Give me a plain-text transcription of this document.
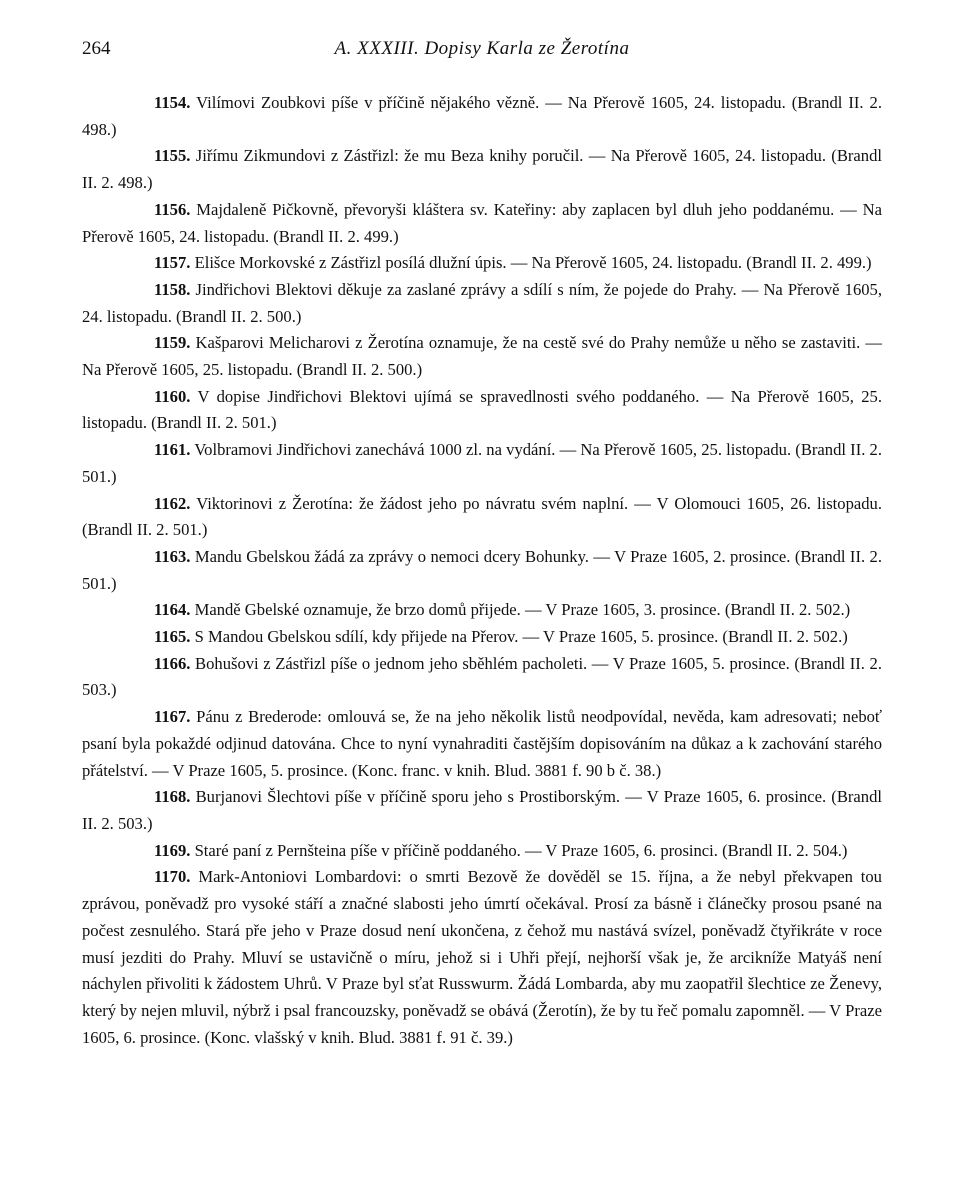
264	A. XXXIII. Dopisy Karla ze Žerotína

1154. Vilímovi Zoubkovi píše v příčině nějakého vězně. — Na Přerově 1605, 24. listopadu. (Brandl II. 2. 498.)

1155. Jiřímu Zikmundovi z Zástřizl: že mu Beza knihy poručil. — Na Přerově 1605, 24. listopadu. (Brandl II. 2. 498.)

1156. Majdaleně Pičkovně, převoryši kláštera sv. Kateřiny: aby zaplacen byl dluh jeho poddanému. — Na Přerově 1605, 24. listopadu. (Brandl II. 2. 499.)

1157. Elišce Morkovské z Zástřizl posílá dlužní úpis. — Na Přerově 1605, 24. listopadu. (Brandl II. 2. 499.)

1158. Jindřichovi Blektovi děkuje za zaslané zprávy a sdílí s ním, že pojede do Prahy. — Na Přerově 1605, 24. listopadu. (Brandl II. 2. 500.)

1159. Kašparovi Melicharovi z Žerotína oznamuje, že na cestě své do Prahy nemůže u něho se zastaviti. — Na Přerově 1605, 25. listopadu. (Brandl II. 2. 500.)

1160. V dopise Jindřichovi Blektovi ujímá se spravedlnosti svého poddaného. — Na Přerově 1605, 25. listopadu. (Brandl II. 2. 501.)

1161. Volbramovi Jindřichovi zanechává 1000 zl. na vydání. — Na Přerově 1605, 25. listopadu. (Brandl II. 2. 501.)

1162. Viktorinovi z Žerotína: že žádost jeho po návratu svém naplní. — V Olomouci 1605, 26. listopadu. (Brandl II. 2. 501.)

1163. Mandu Gbelskou žádá za zprávy o nemoci dcery Bohunky. — V Praze 1605, 2. prosince. (Brandl II. 2. 501.)

1164. Mandě Gbelské oznamuje, že brzo domů přijede. — V Praze 1605, 3. prosince. (Brandl II. 2. 502.)

1165. S Mandou Gbelskou sdílí, kdy přijede na Přerov. — V Praze 1605, 5. prosince. (Brandl II. 2. 502.)

1166. Bohušovi z Zástřizl píše o jednom jeho sběhlém pacholeti. — V Praze 1605, 5. prosince. (Brandl II. 2. 503.)

1167. Pánu z Brederode: omlouvá se, že na jeho několik listů neodpovídal, nevěda, kam adresovati; neboť psaní byla pokaždé odjinud datována. Chce to nyní vynahraditi častějším dopisováním na důkaz a k zachování starého přátelství. — V Praze 1605, 5. prosince. (Konc. franc. v knih. Blud. 3881 f. 90 b č. 38.)

1168. Burjanovi Šlechtovi píše v příčině sporu jeho s Prostiborským. — V Praze 1605, 6. prosince. (Brandl II. 2. 503.)

1169. Staré paní z Pernšteina píše v příčině poddaného. — V Praze 1605, 6. prosinci. (Brandl II. 2. 504.)

1170. Mark-Antoniovi Lombardovi: o smrti Bezově že dověděl se 15. října, a že nebyl překvapen tou zprávou, poněvadž pro vysoké stáří a značné slabosti jeho úmrtí očekával. Prosí za básně i článečky prosou psané na počest zesnulého. Stará pře jeho v Praze dosud není ukončena, z čehož mu nastává svízel, poněvadž čtyřikráte v roce musí jezditi do Prahy. Mluví se ustavičně o míru, jehož si i Uhři přejí, nejhorší však je, že arcikníže Matyáš není náchylen přivoliti k žádostem Uhrů. V Praze byl sťat Russwurm. Žádá Lombarda, aby mu zaopatřil šlechtice ze Ženevy, který by nejen mluvil, nýbrž i psal francouzsky, poněvadž se obává (Žerotín), že by tu řeč pomalu zapomněl. — V Praze 1605, 6. prosince. (Konc. vlašský v knih. Blud. 3881 f. 91 č. 39.)
